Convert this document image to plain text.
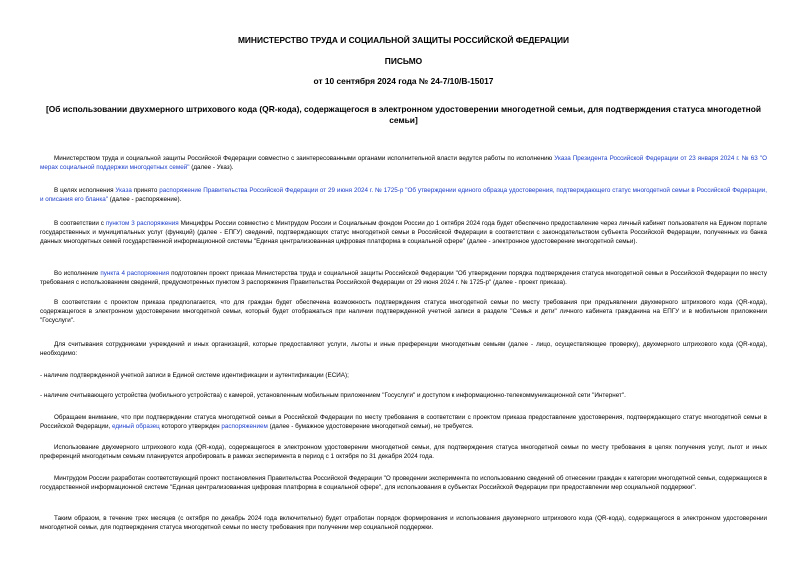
МИНИСТЕРСТВО ТРУДА И СОЦИАЛЬНОЙ ЗАЩИТЫ РОССИЙСКОЙ ФЕДЕРАЦИИ
ПИСЬМО
от 10 сентября 2024 года № 24-7/10/В-15017
[Об использовании двухмерного штрихового кода (QR-кода), содержащегося в электронном удостоверении многодетной семьи, для подтверждения статуса многодетной семьи]

Министерством труда и социальной защиты Российской Федерации совместно с заинтересованными органами исполнительной власти ведутся работы по исполнению Указа Президента Российской Федерации от 23 января 2024 г. № 63 "О мерах социальной поддержки многодетных семей" (далее - Указ).

В целях исполнения Указа принято распоряжение Правительства Российской Федерации от 29 июня 2024 г. № 1725-р "Об утверждении единого образца удостоверения, подтверждающего статус многодетной семьи в Российской Федерации, и описания его бланка" (далее - распоряжение).

В соответствии с пунктом 3 распоряжения Минцифры России совместно с Минтрудом России и Социальным фондом России до 1 октября 2024 года будет обеспечено предоставление через личный кабинет пользователя на Едином портале государственных и муниципальных услуг (функций) (далее - ЕПГУ) сведений, подтверждающих статус многодетной семьи в Российской Федерации в соответствии с законодательством субъекта Российской Федерации, полученных из банка данных многодетных семей государственной информационной системы "Единая централизованная цифровая платформа в социальной сфере" (далее - электронное удостоверение многодетной семьи).

Во исполнение пункта 4 распоряжения подготовлен проект приказа Министерства труда и социальной защиты Российской Федерации "Об утверждении порядка подтверждения статуса многодетной семьи в Российской Федерации по месту требования с использованием сведений, предусмотренных пунктом 3 распоряжения Правительства Российской Федерации от 29 июня 2024 г. № 1725-р" (далее - проект приказа).

В соответствии с проектом приказа предполагается, что для граждан будет обеспечена возможность подтверждения статуса многодетной семьи по месту требования при предъявлении двухмерного штрихового кода (QR-кода), содержащегося в электронном удостоверении многодетной семьи, который будет отображаться при наличии подтвержденной учетной записи в разделе "Семья и дети" личного кабинета гражданина на ЕПГУ и в мобильном приложении "Госуслуги".

Для считывания сотрудниками учреждений и иных организаций, которые предоставляют услуги, льготы и иные преференции многодетным семьям (далее - лицо, осуществляющее проверку), двухмерного штрихового кода (QR-кода), необходимо:

- наличие подтвержденной учетной записи в Единой системе идентификации и аутентификации (ЕСИА);

- наличие считывающего устройства (мобильного устройства) с камерой, установленным мобильным приложением "Госуслуги" и доступом к информационно-телекоммуникационной сети "Интернет".

Обращаем внимание, что при подтверждении статуса многодетной семьи в Российской Федерации по месту требования в соответствии с проектом приказа предоставление удостоверения, подтверждающего статус многодетной семьи в Российской Федерации, единый образец которого утвержден распоряжением (далее - бумажное удостоверение многодетной семьи), не требуется.

Использование двухмерного штрихового кода (QR-кода), содержащегося в электронном удостоверении многодетной семьи, для подтверждения статуса многодетной семьи по месту требования в целях получения услуг, льгот и иных преференций многодетным семьям планируется апробировать в рамках эксперимента в период с 1 октября по 31 декабря 2024 года.

Минтрудом России разработан соответствующий проект постановления Правительства Российской Федерации "О проведении эксперимента по использованию сведений об отнесении граждан к категории многодетной семьи, содержащихся в государственной информационной системе "Единая централизованная цифровая платформа в социальной сфере", для использования в субъектах Российской Федерации при предоставлении мер социальной поддержки".

Таким образом, в течение трех месяцев (с октября по декабрь 2024 года включительно) будет отработан порядок формирования и использования двухмерного штрихового кода (QR-кода), содержащегося в электронном удостоверении многодетной семьи, для подтверждения статуса многодетной семьи по месту требования при получении мер социальной поддержки.
